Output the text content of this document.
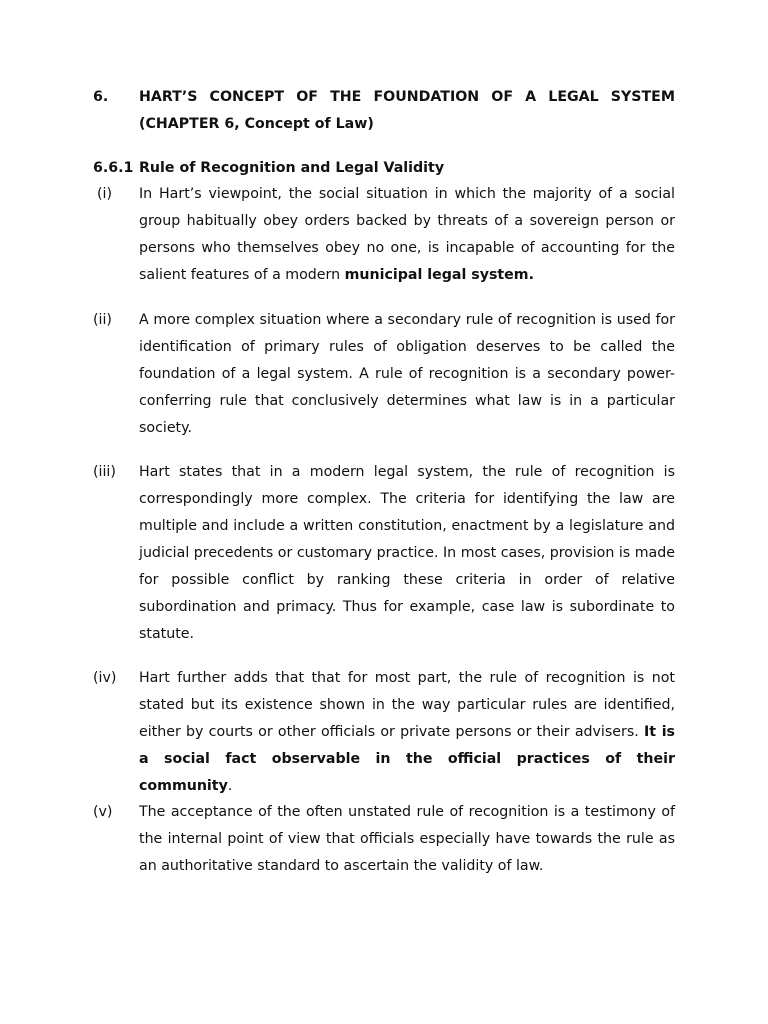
6. HART’S CONCEPT OF THE FOUNDATION OF A LEGAL SYSTEM (CHAPTER 6, Concept of Law)
6.6.1 Rule of Recognition and Legal Validity
(i) In Hart’s viewpoint, the social situation in which the majority of a social group habitually obey orders backed by threats of a sovereign person or persons who themselves obey no one, is incapable of accounting for the salient features of a modern municipal legal system.
(ii) A more complex situation where a secondary rule of recognition is used for identification of primary rules of obligation deserves to be called the foundation of a legal system. A rule of recognition is a secondary power-conferring rule that conclusively determines what law is in a particular society.
(iii) Hart states that in a modern legal system, the rule of recognition is correspondingly more complex. The criteria for identifying the law are multiple and include a written constitution, enactment by a legislature and judicial precedents or customary practice. In most cases, provision is made for possible conflict by ranking these criteria in order of relative subordination and primacy. Thus for example, case law is subordinate to statute.
(iv) Hart further adds that that for most part, the rule of recognition is not stated but its existence shown in the way particular rules are identified, either by courts or other officials or private persons or their advisers. It is a social fact observable in the official practices of their community.
(v) The acceptance of the often unstated rule of recognition is a testimony of the internal point of view that officials especially have towards the rule as an authoritative standard to ascertain the validity of law.
